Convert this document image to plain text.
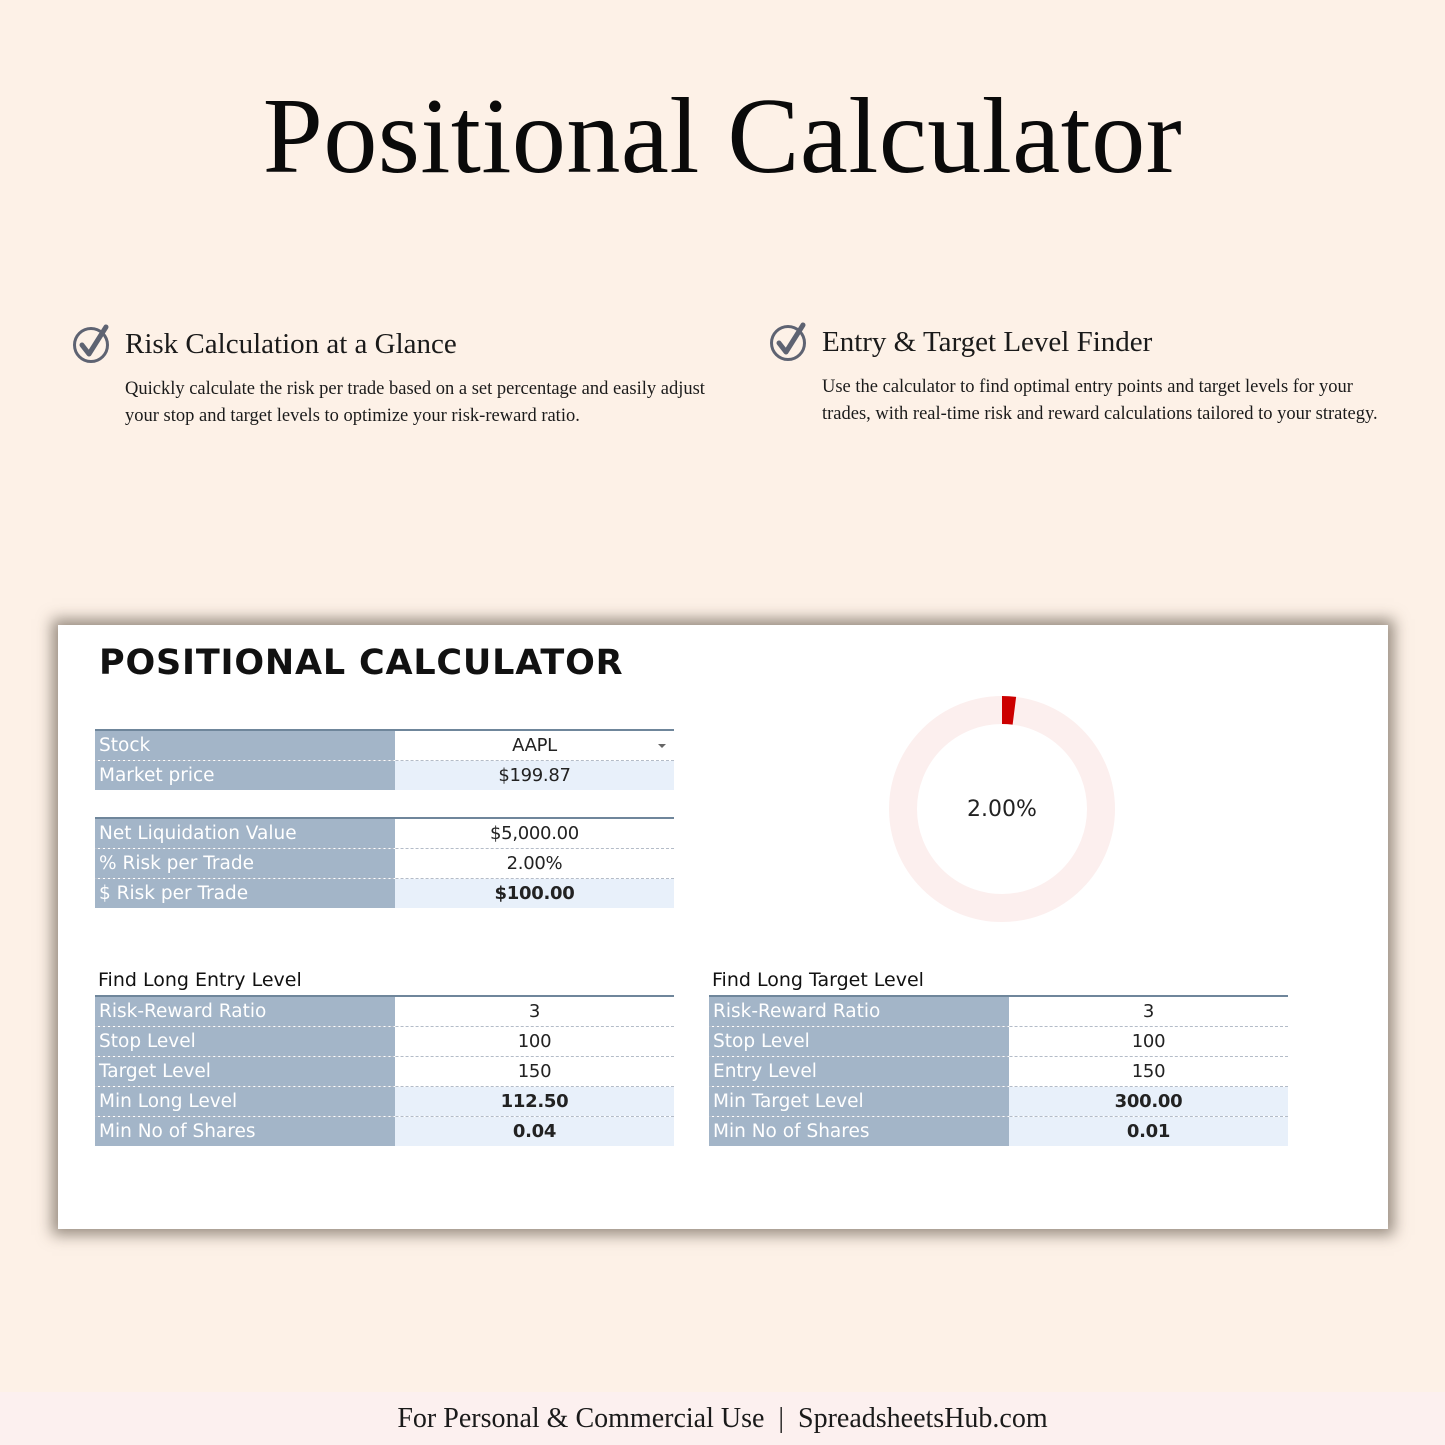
Positional Calculator
Risk Calculation at a Glance

Quickly calculate the risk per trade based on a set percentage and easily adjust your stop and target levels to optimize your risk-reward ratio.

Entry & Target Level Finder

Use the calculator to find optimal entry points and target levels for your trades, with real-time risk and reward calculations tailored to your strategy.

POSITIONAL CALCULATOR
Stock	AAPL
Market price	$199.87
Net Liquidation Value	$5,000.00
% Risk per Trade	2.00%
$ Risk per Trade	$100.00
2.00%
Find Long Entry Level
Risk-Reward Ratio	3
Stop Level	100
Target Level	150
Min Long Level	112.50
Min No of Shares	0.04
Find Long Target Level
Risk-Reward Ratio	3
Stop Level	100
Entry Level	150
Min Target Level	300.00
Min No of Shares	0.01
For Personal & Commercial Use  |  SpreadsheetsHub.com
